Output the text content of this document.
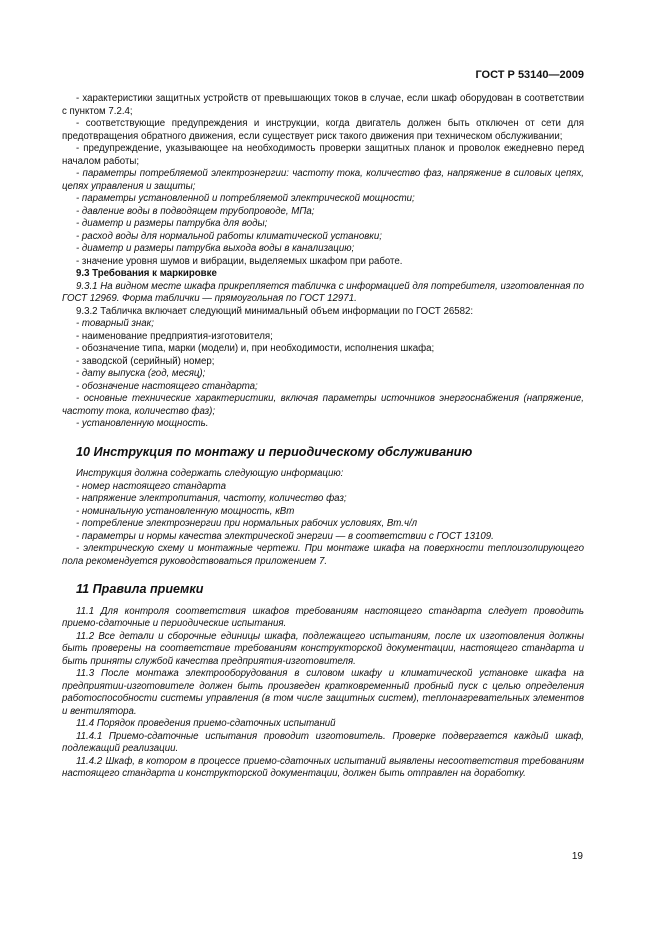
ГОСТ Р 53140—2009

- характеристики защитных устройств от превышающих токов в случае, если шкаф оборудован в соответствии с пунктом 7.2.4;

- соответствующие предупреждения и инструкции, когда двигатель должен быть отключен от сети для предотвращения обратного движения, если существует риск такого движения при техническом обслуживании;

- предупреждение, указывающее на необходимость проверки защитных планок и проволок ежедневно перед началом работы;

- параметры потребляемой электроэнергии: частоту тока, количество фаз, напряжение в силовых цепях, цепях управления и защиты;

- параметры установленной и потребляемой электрической мощности;

- давление воды в подводящем трубопроводе, МПа;

- диаметр и размеры патрубка для воды;

- расход воды для нормальной работы климатической установки;

- диаметр и размеры патрубка выхода воды в канализацию;

- значение уровня шумов и вибрации, выделяемых шкафом при работе.

9.3 Требования к маркировке

9.3.1 На видном месте шкафа прикрепляется табличка с информацией для потребителя, изготовленная по ГОСТ 12969. Форма таблички — прямоугольная по ГОСТ 12971.

9.3.2 Табличка включает следующий минимальный объем информации по ГОСТ 26582:

- товарный знак;

- наименование предприятия-изготовителя;

- обозначение типа, марки (модели) и, при необходимости, исполнения шкафа;

- заводской (серийный) номер;

- дату выпуска (год, месяц);

- обозначение настоящего стандарта;

- основные технические характеристики, включая параметры источников энергоснабжения (напряжение, частоту тока, количество фаз);

- установленную мощность.

10 Инструкция по монтажу и периодическому обслуживанию

Инструкция должна содержать следующую информацию:

- номер настоящего стандарта

- напряжение электропитания, частоту, количество фаз;

- номинальную установленную мощность, кВт

- потребление электроэнергии при нормальных рабочих условиях, Вт.ч/л

- параметры и нормы качества электрической энергии — в соответствии с ГОСТ 13109.

- электрическую схему и монтажные чертежи. При монтаже шкафа на поверхности теплоизолирующего пола рекомендуется руководствоваться приложением 7.

11 Правила приемки

11.1 Для контроля соответствия шкафов требованиям настоящего стандарта следует проводить приемо-сдаточные и периодические испытания.

11.2 Все детали и сборочные единицы шкафа, подлежащего испытаниям, после их изготовления должны быть проверены на соответствие требованиям конструкторской документации, настоящего стандарта и быть приняты службой качества предприятия-изготовителя.

11.3 После монтажа электрооборудования в силовом шкафу и климатической установке шкафа на предприятии-изготовителе должен быть произведен кратковременный пробный пуск с целью определения работоспособности системы управления (в том числе защитных систем), теплонагревательных элементов и вентилятора.

11.4 Порядок проведения приемо-сдаточных испытаний

11.4.1 Приемо-сдаточные испытания проводит изготовитель. Проверке подвергается каждый шкаф, подлежащий реализации.

11.4.2 Шкаф, в котором в процессе приемо-сдаточных испытаний выявлены несоответствия требованиям настоящего стандарта и конструкторской документации, должен быть отправлен на доработку.

19
